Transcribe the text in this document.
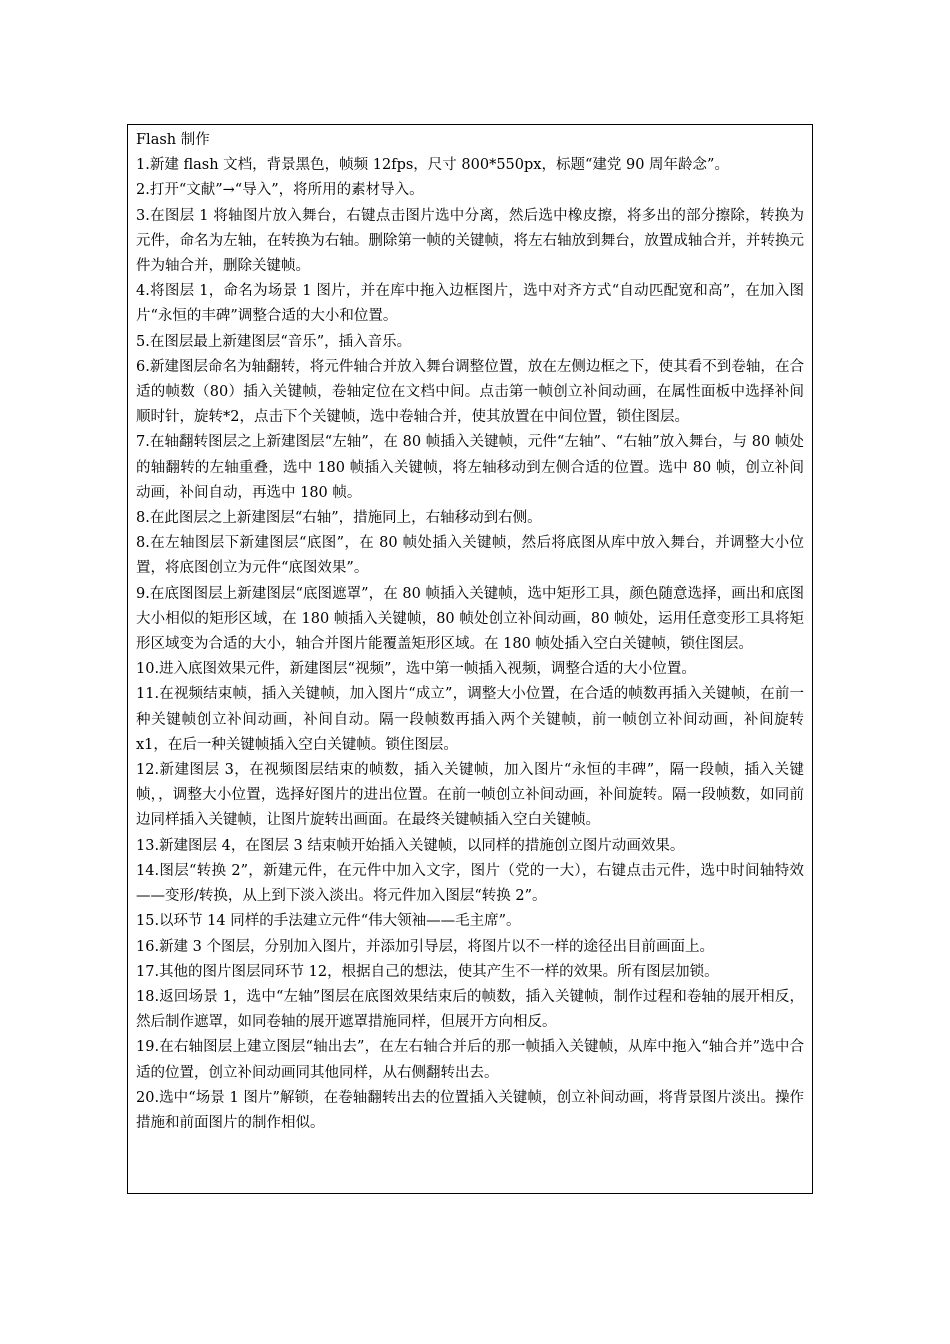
Flash 制作

1.新建 flash 文档，背景黑色，帧频 12fps，尺寸 800*550px，标题“建党 90 周年龄念”。

2.打开“文献”→“导入”，将所用的素材导入。

3.在图层 1 将轴图片放入舞台，右键点击图片选中分离，然后选中橡皮擦，将多出的部分擦除，转换为元件，命名为左轴，在转换为右轴。删除第一帧的关键帧，将左右轴放到舞台，放置成轴合并，并转换元件为轴合并，删除关键帧。

4.将图层 1，命名为场景 1 图片，并在库中拖入边框图片，选中对齐方式“自动匹配宽和高”，在加入图片“永恒的丰碑”调整合适的大小和位置。

5.在图层最上新建图层“音乐”，插入音乐。

6.新建图层命名为轴翻转，将元件轴合并放入舞台调整位置，放在左侧边框之下，使其看不到卷轴，在合适的帧数（80）插入关键帧，卷轴定位在文档中间。点击第一帧创立补间动画，在属性面板中选择补间顺时针，旋转*2，点击下个关键帧，选中卷轴合并，使其放置在中间位置，锁住图层。

7.在轴翻转图层之上新建图层“左轴”，在 80 帧插入关键帧，元件“左轴”、“右轴”放入舞台，与 80 帧处的轴翻转的左轴重叠，选中 180 帧插入关键帧，将左轴移动到左侧合适的位置。选中 80 帧，创立补间动画，补间自动，再选中 180 帧。

8.在此图层之上新建图层“右轴”，措施同上，右轴移动到右侧。

8.在左轴图层下新建图层“底图”，在 80 帧处插入关键帧，然后将底图从库中放入舞台，并调整大小位置，将底图创立为元件“底图效果”。

9.在底图图层上新建图层“底图遮罩”，在 80 帧插入关键帧，选中矩形工具，颜色随意选择，画出和底图大小相似的矩形区域，在 180 帧插入关键帧，80 帧处创立补间动画，80 帧处，运用任意变形工具将矩形区域变为合适的大小，轴合并图片能覆盖矩形区域。在 180 帧处插入空白关键帧，锁住图层。

10.进入底图效果元件，新建图层“视频”，选中第一帧插入视频，调整合适的大小位置。

11.在视频结束帧，插入关键帧，加入图片“成立”，调整大小位置，在合适的帧数再插入关键帧，在前一种关键帧创立补间动画，补间自动。隔一段帧数再插入两个关键帧，前一帧创立补间动画，补间旋转 x1，在后一种关键帧插入空白关键帧。锁住图层。

12.新建图层 3，在视频图层结束的帧数，插入关键帧，加入图片“永恒的丰碑”，隔一段帧，插入关键帧，，调整大小位置，选择好图片的进出位置。在前一帧创立补间动画，补间旋转。隔一段帧数，如同前边同样插入关键帧，让图片旋转出画面。在最终关键帧插入空白关键帧。

13.新建图层 4，在图层 3 结束帧开始插入关键帧，以同样的措施创立图片动画效果。

14.图层“转换 2”，新建元件，在元件中加入文字，图片（党的一大），右键点击元件，选中时间轴特效——变形/转换，从上到下淡入淡出。将元件加入图层“转换 2”。

15.以环节 14 同样的手法建立元件“伟大领袖——毛主席”。

16.新建 3 个图层，分别加入图片，并添加引导层，将图片以不一样的途径出目前画面上。

17.其他的图片图层同环节 12，根据自己的想法，使其产生不一样的效果。所有图层加锁。

18.返回场景 1，选中“左轴”图层在底图效果结束后的帧数，插入关键帧，制作过程和卷轴的展开相反，然后制作遮罩，如同卷轴的展开遮罩措施同样，但展开方向相反。

19.在右轴图层上建立图层“轴出去”，在左右轴合并后的那一帧插入关键帧，从库中拖入“轴合并”选中合适的位置，创立补间动画同其他同样，从右侧翻转出去。

20.选中“场景 1 图片”解锁，在卷轴翻转出去的位置插入关键帧，创立补间动画，将背景图片淡出。操作措施和前面图片的制作相似。
